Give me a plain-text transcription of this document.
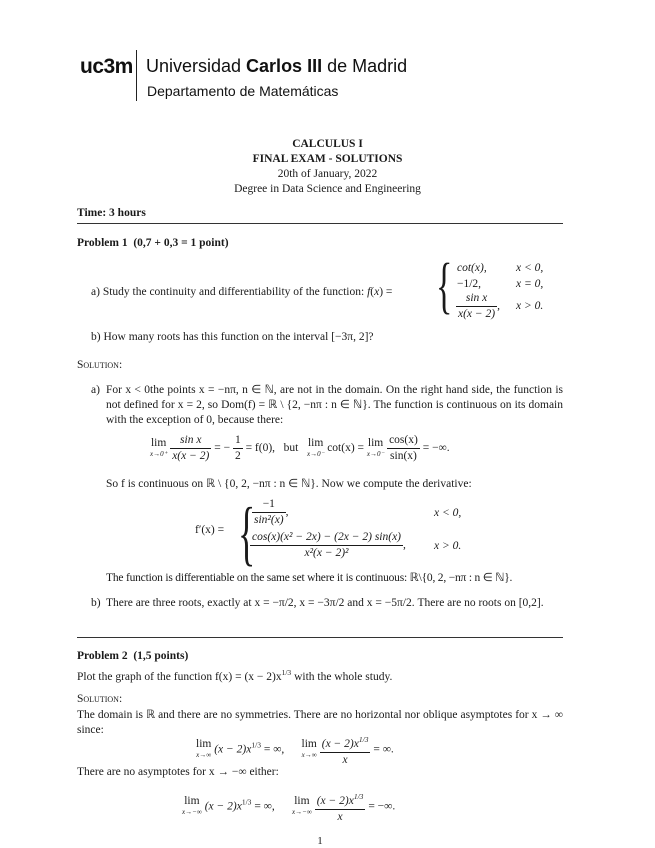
uc3m Universidad Carlos III de Madrid
Departamento de Matemáticas
CALCULUS I
FINAL EXAM - SOLUTIONS
20th of January, 2022
Degree in Data Science and Engineering
Time: 3 hours
Problem 1 (0,7 + 0,3 = 1 point)
a) Study the continuity and differentiability of the function: f(x) = { cot(x),	x < 0,
−1/2,	x = 0,
$\frac{\text{sin x}}{x(x - 2)}$ , x > 0.
b) How many roots has this function on the interval [−3π, 2]?
Solution:
a) For x < 0the points x = −nπ, n ∈ ℕ, are not in the domain. On the right hand side, the function is not defined for x = 2, so Dom(f) = ℝ \ {2, −nπ : n ∈ ℕ}. The function is continuous on its domain with the exception of 0, because there:
lim
x→0⁺
$\frac{\text{sin x}}{x(x - 2)}$ = − $\frac{1}{2} = f(0)$, but lim
x→0⁻ cot(x) = lim
x→0⁻
$\frac{\cos(x)}{\sin(x)}$ = −∞.
So f is continuous on ℝ \ {0, 2, −nπ : n ∈ ℕ}. Now we compute the derivative:
f′(x) = {
$\frac{-1}{\text{sin²(x)}}$ ,	x < 0,
$\frac{\text{cos(x)(x² − 2x) − (2x − 2) sin(x)}}{\text{x²(x − 2)²}}$ , x > 0.
The function is differentiable on the same set where it is continuous: ℝ\{0, 2, −nπ : n ∈ ℕ}.
b) There are three roots, exactly at x = −π/2, x = −3π/2 and x = −5π/2. There are no roots on [0,2].
Problem 2 (1,5 points)
Plot the graph of the function $f(x) = (x - 2)x^{1/3}$ with the whole study.
Solution:
The domain is ℝ and there are no symmetries. There are no horizontal nor oblique asymptotes for x → ∞ since:
lim
x→∞ $(x - 2)x^{1/3}$ = ∞, lim
x→∞
$\frac{(x - 2)x^{1/3}}{x}$ = ∞.
There are no asymptotes for x → −∞ either:
lim
x→−∞ $(x - 2)x^{1/3}$ = ∞, lim
x→−∞
$\frac{(x - 2)x^{1/3}}{x}$ = −∞.
1
